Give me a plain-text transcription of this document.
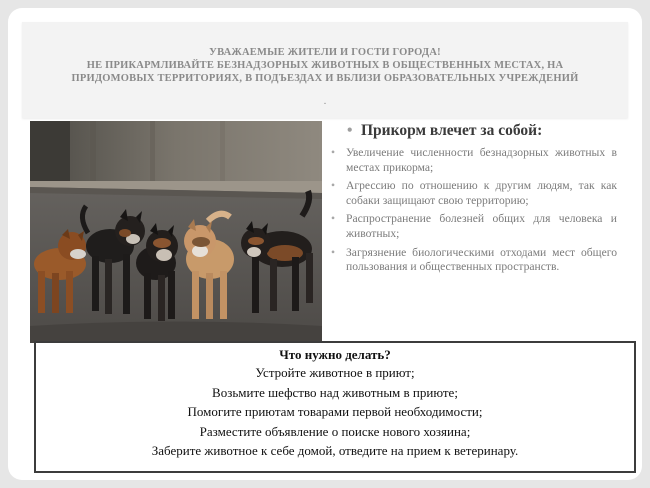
УВАЖАЕМЫЕ ЖИТЕЛИ И ГОСТИ ГОРОДА!
НЕ ПРИКАРМЛИВАЙТЕ БЕЗНАДЗОРНЫХ ЖИВОТНЫХ В ОБЩЕСТВЕННЫХ МЕСТАХ, НА
ПРИДОМОВЫХ ТЕРРИТОРИЯХ, В ПОДЪЕЗДАХ И ВБЛИЗИ ОБРАЗОВАТЕЛЬНЫХ УЧРЕЖДЕНИЙ
.
• Прикорм влечет за собой:
• Увеличение численности безнадзорных животных в местах прикорма;
• Агрессию по отношению к другим людям, так как собаки защищают свою территорию;
• Распространение болезней общих для человека и животных;
• Загрязнение биологическими отходами мест общего пользования и общественных пространств.
Что нужно делать?
Устройте животное в приют;
Возьмите шефство над животным в приюте;
Помогите приютам товарами первой необходимости;
Разместите объявление о поиске нового хозяина;
Заберите животное к себе домой, отведите на прием к ветеринару.
